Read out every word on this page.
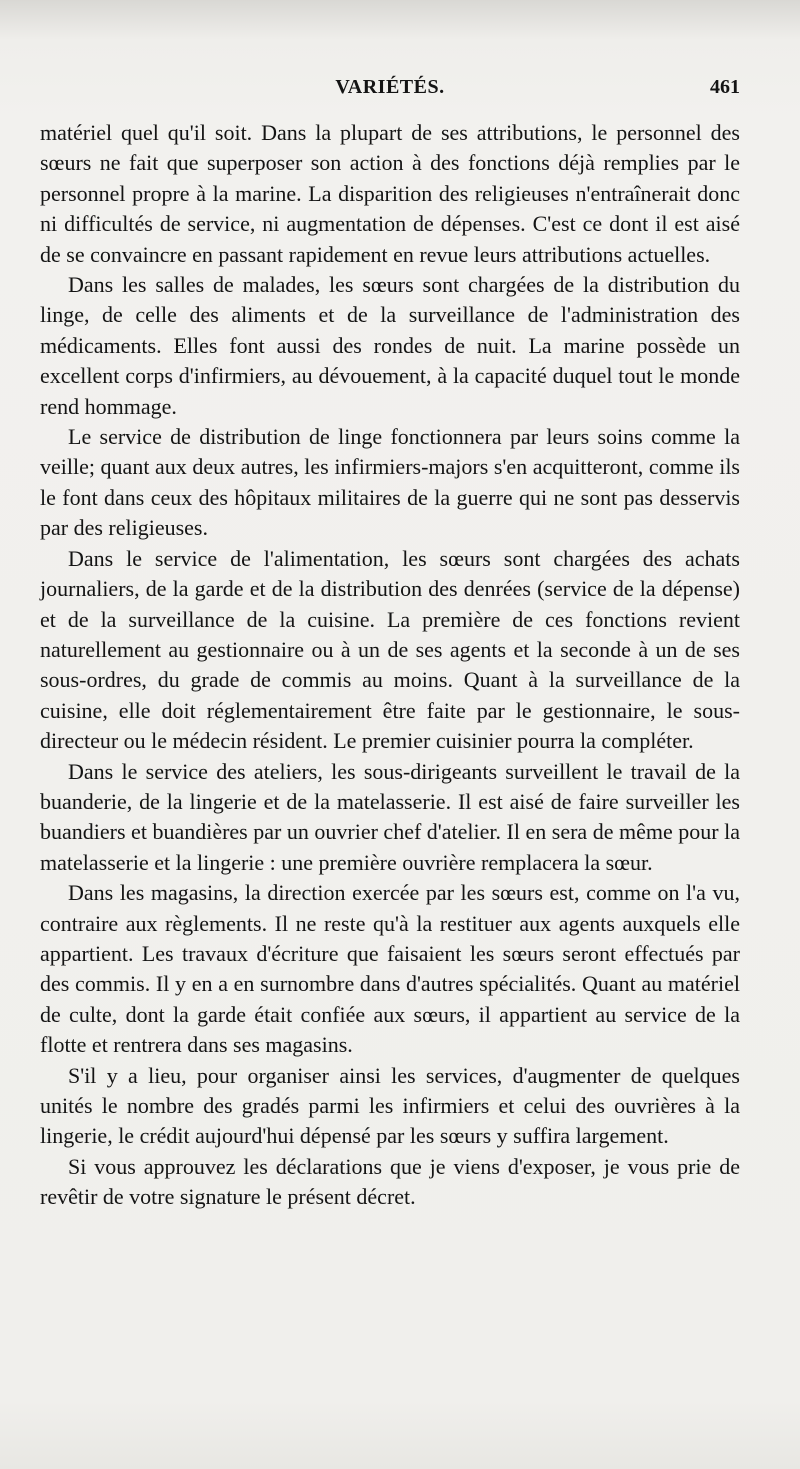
VARIÉTÉS.	461

matériel quel qu'il soit. Dans la plupart de ses attributions, le personnel des sœurs ne fait que superposer son action à des fonctions déjà remplies par le personnel propre à la marine. La disparition des religieuses n'entraînerait donc ni difficultés de service, ni augmentation de dépenses. C'est ce dont il est aisé de se convaincre en passant rapidement en revue leurs attributions actuelles.

Dans les salles de malades, les sœurs sont chargées de la distribution du linge, de celle des aliments et de la surveillance de l'administration des médicaments. Elles font aussi des rondes de nuit. La marine possède un excellent corps d'infirmiers, au dévouement, à la capacité duquel tout le monde rend hommage.

Le service de distribution de linge fonctionnera par leurs soins comme la veille; quant aux deux autres, les infirmiers-majors s'en acquitteront, comme ils le font dans ceux des hôpitaux militaires de la guerre qui ne sont pas desservis par des religieuses.

Dans le service de l'alimentation, les sœurs sont chargées des achats journaliers, de la garde et de la distribution des denrées (service de la dépense) et de la surveillance de la cuisine. La première de ces fonctions revient naturellement au gestionnaire ou à un de ses agents et la seconde à un de ses sous-ordres, du grade de commis au moins. Quant à la surveillance de la cuisine, elle doit réglementairement être faite par le gestionnaire, le sous-directeur ou le médecin résident. Le premier cuisinier pourra la compléter.

Dans le service des ateliers, les sous-dirigeants surveillent le travail de la buanderie, de la lingerie et de la matelasserie. Il est aisé de faire surveiller les buandiers et buandières par un ouvrier chef d'atelier. Il en sera de même pour la matelasserie et la lingerie : une première ouvrière remplacera la sœur.

Dans les magasins, la direction exercée par les sœurs est, comme on l'a vu, contraire aux règlements. Il ne reste qu'à la restituer aux agents auxquels elle appartient. Les travaux d'écriture que faisaient les sœurs seront effectués par des commis. Il y en a en surnombre dans d'autres spécialités. Quant au matériel de culte, dont la garde était confiée aux sœurs, il appartient au service de la flotte et rentrera dans ses magasins.

S'il y a lieu, pour organiser ainsi les services, d'augmenter de quelques unités le nombre des gradés parmi les infirmiers et celui des ouvrières à la lingerie, le crédit aujourd'hui dépensé par les sœurs y suffira largement.

Si vous approuvez les déclarations que je viens d'exposer, je vous prie de revêtir de votre signature le présent décret.
